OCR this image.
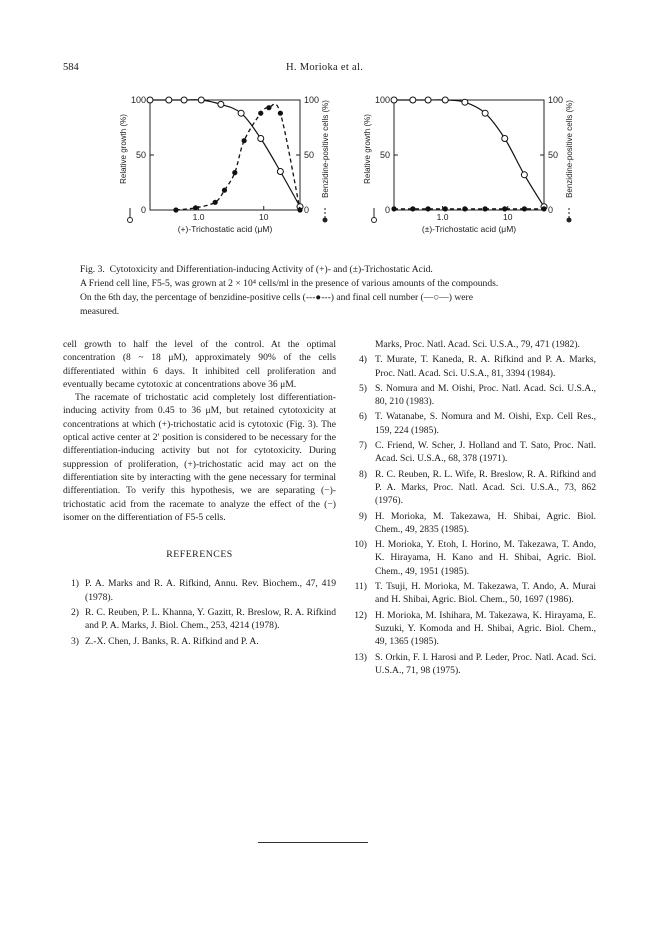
584	H. Morioka et al.
100	100
50	50
0	0
1.0	10
(+)-Trichostatic acid (μM)
Relative growth (%)	Benzidine-positive cells (%)
100	100
50	50
0	0
1.0	10
(±)-Trichostatic acid (μM)
Relative growth (%)	Benzidine-positive cells (%)
Fig. 3. Cytotoxicity and Differentiation-inducing Activity of (+)- and (±)-Trichostatic Acid.
A Friend cell line, F5-5, was grown at 2 × 10⁴ cells/ml in the presence of various amounts of the compounds.
On the 6th day, the percentage of benzidine-positive cells (---●---) and final cell number (—○—) were
measured.
cell growth to half the level of the control. At the optimal concentration (8 ~ 18 μM), approximately 90% of the cells differentiated within 6 days. It inhibited cell proliferation and eventually became cytotoxic at concentrations above 36 μM.
The racemate of trichostatic acid completely lost differentiation-inducing activity from 0.45 to 36 μM, but retained cytotoxicity at concentrations at which (+)-trichostatic acid is cytotoxic (Fig. 3). The optical active center at 2′ position is considered to be necessary for the differentiation-inducing activity but not for cytotoxicity. During suppression of proliferation, (+)-trichostatic acid may act on the differentiation site by interacting with the gene necessary for terminal differentiation. To verify this hypothesis, we are separating (−)-trichostatic acid from the racemate to analyze the effect of the (−) isomer on the differentiation of F5-5 cells.
REFERENCES
1) P. A. Marks and R. A. Rifkind, Annu. Rev. Biochem., 47, 419 (1978).
2) R. C. Reuben, P. L. Khanna, Y. Gazitt, R. Breslow, R. A. Rifkind and P. A. Marks, J. Biol. Chem., 253, 4214 (1978).
3) Z.-X. Chen, J. Banks, R. A. Rifkind and P. A.
Marks, Proc. Natl. Acad. Sci. U.S.A., 79, 471 (1982).
4) T. Murate, T. Kaneda, R. A. Rifkind and P. A. Marks, Proc. Natl. Acad. Sci. U.S.A., 81, 3394 (1984).
5) S. Nomura and M. Oishi, Proc. Natl. Acad. Sci. U.S.A., 80, 210 (1983).
6) T. Watanabe, S. Nomura and M. Oishi, Exp. Cell Res., 159, 224 (1985).
7) C. Friend, W. Scher, J. Holland and T. Sato, Proc. Natl. Acad. Sci. U.S.A., 68, 378 (1971).
8) R. C. Reuben, R. L. Wife, R. Breslow, R. A. Rifkind and P. A. Marks, Proc. Natl. Acad. Sci. U.S.A., 73, 862 (1976).
9) H. Morioka, M. Takezawa, H. Shibai, Agric. Biol. Chem., 49, 2835 (1985).
10) H. Morioka, Y. Etoh, I. Horino, M. Takezawa, T. Ando, K. Hirayama, H. Kano and H. Shibai, Agric. Biol. Chem., 49, 1951 (1985).
11) T. Tsuji, H. Morioka, M. Takezawa, T. Ando, A. Murai and H. Shibai, Agric. Biol. Chem., 50, 1697 (1986).
12) H. Morioka, M. Ishihara, M. Takezawa, K. Hirayama, E. Suzuki, Y. Komoda and H. Shibai, Agric. Biol. Chem., 49, 1365 (1985).
13) S. Orkin, F. I. Harosi and P. Leder, Proc. Natl. Acad. Sci. U.S.A., 71, 98 (1975).
